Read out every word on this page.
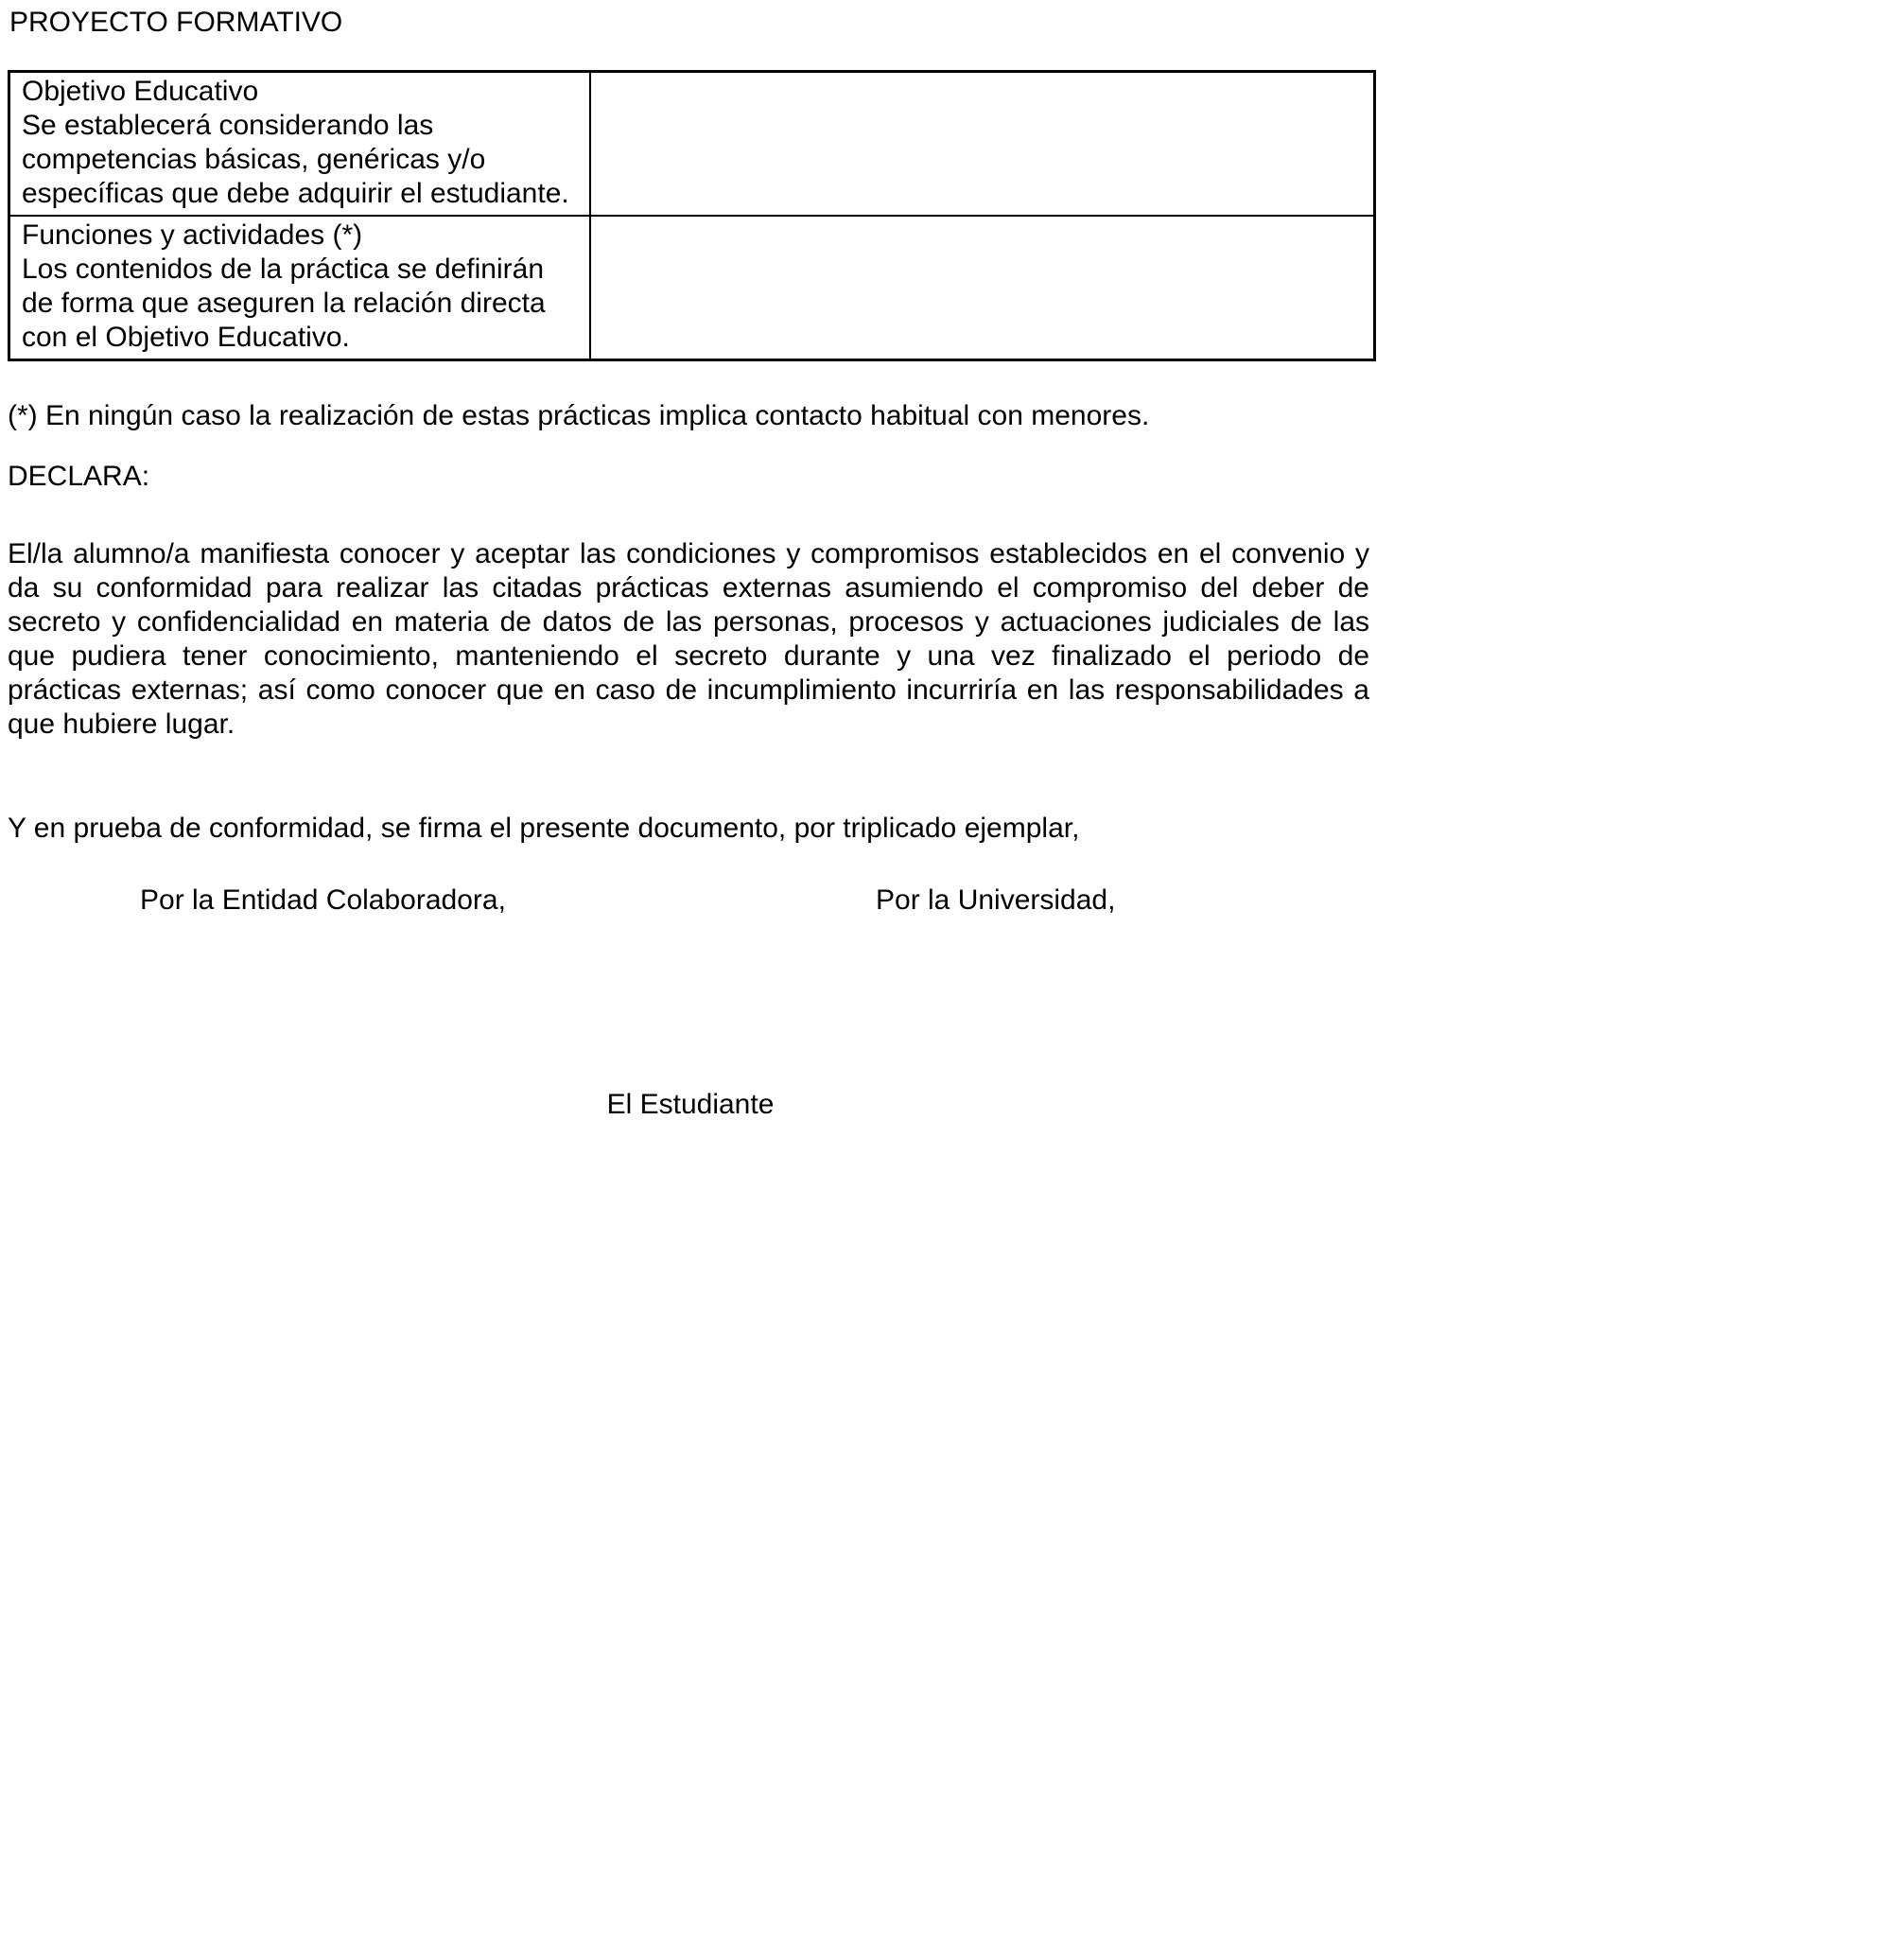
PROYECTO FORMATIVO
Objetivo Educativo
Se establecerá considerando las competencias básicas, genéricas y/o específicas que debe adquirir el estudiante.	

Funciones y actividades (*)
Los contenidos de la práctica se definirán de forma que aseguren la relación directa con el Objetivo Educativo.	

(*) En ningún caso la realización de estas prácticas implica contacto habitual con menores.
DECLARA:
El/la alumno/a manifiesta conocer y aceptar las condiciones y compromisos establecidos en el convenio y da su conformidad para realizar las citadas prácticas externas asumiendo el compromiso del deber de secreto y confidencialidad en materia de datos de las personas, procesos y actuaciones judiciales de las que pudiera tener conocimiento, manteniendo el secreto durante y una vez finalizado el periodo de prácticas externas; así como conocer que en caso de incumplimiento incurriría en las responsabilidades a que hubiere lugar.
Y en prueba de conformidad, se firma el presente documento, por triplicado ejemplar,
Por la Entidad Colaboradora,	Por la Universidad,
El Estudiante
